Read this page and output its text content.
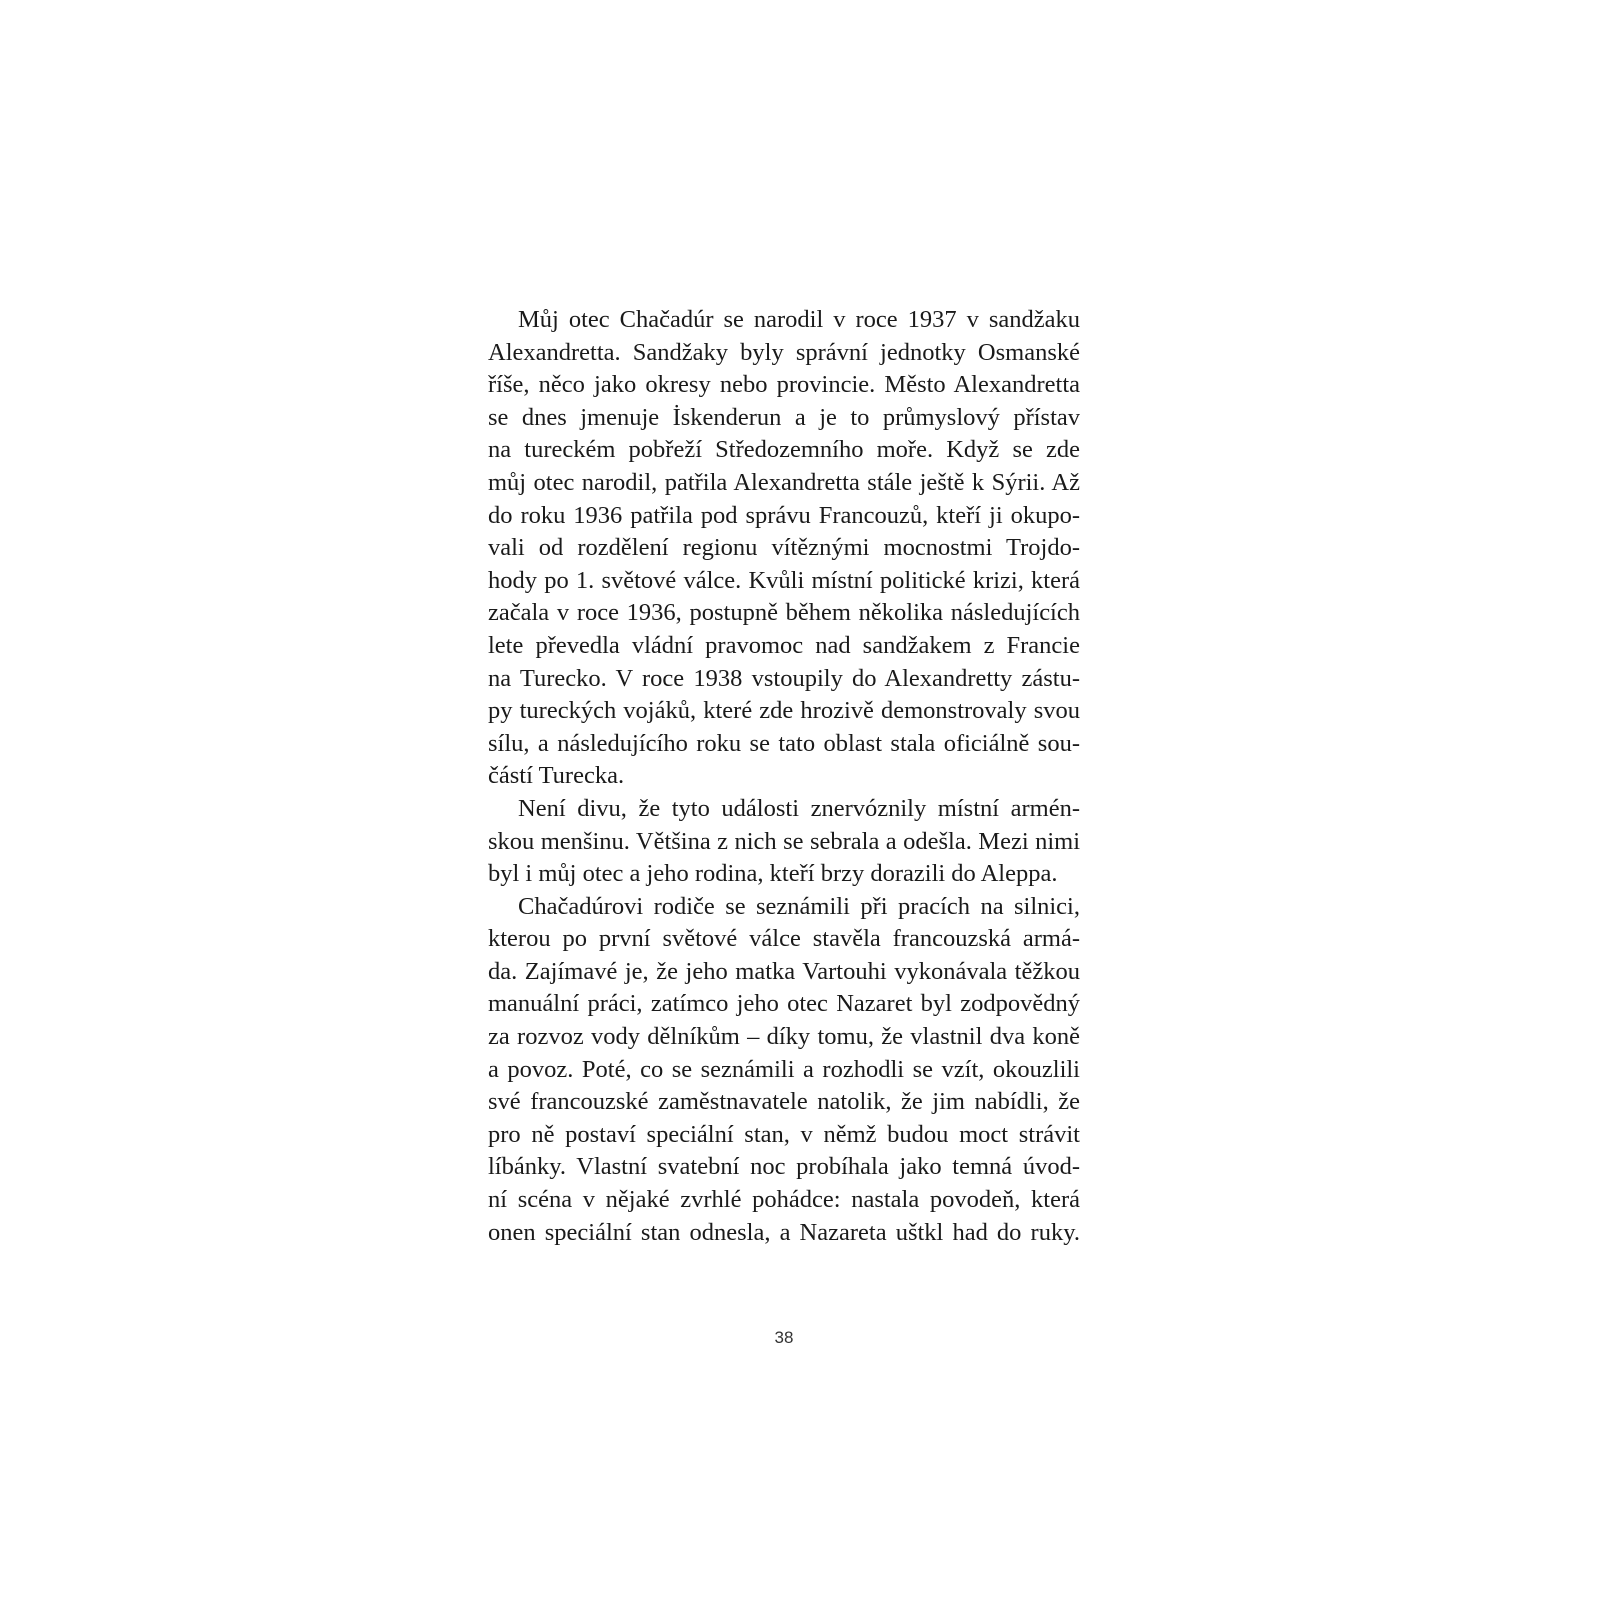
Můj otec Chačadúr se narodil v roce 1937 v sandžaku
Alexandretta. Sandžaky byly správní jednotky Osmanské
říše, něco jako okresy nebo provincie. Město Alexandretta
se dnes jmenuje İskenderun a je to průmyslový přístav
na tureckém pobřeží Středozemního moře. Když se zde
můj otec narodil, patřila Alexandretta stále ještě k Sýrii. Až
do roku 1936 patřila pod správu Francouzů, kteří ji okupo-
vali od rozdělení regionu vítěznými mocnostmi Trojdo-
hody po 1. světové válce. Kvůli místní politické krizi, která
začala v roce 1936, postupně během několika následujících
lete převedla vládní pravomoc nad sandžakem z Francie
na Turecko. V roce 1938 vstoupily do Alexandretty zástu-
py tureckých vojáků, které zde hrozivě demonstrovaly svou
sílu, a následujícího roku se tato oblast stala oficiálně sou-
částí Turecka.
Není divu, že tyto události znervóznily místní armén-
skou menšinu. Většina z nich se sebrala a odešla. Mezi nimi
byl i můj otec a jeho rodina, kteří brzy dorazili do Aleppa.
Chačadúrovi rodiče se seznámili při pracích na silnici,
kterou po první světové válce stavěla francouzská armá-
da. Zajímavé je, že jeho matka Vartouhi vykonávala těžkou
manuální práci, zatímco jeho otec Nazaret byl zodpovědný
za rozvoz vody dělníkům – díky tomu, že vlastnil dva koně
a povoz. Poté, co se seznámili a rozhodli se vzít, okouzlili
své francouzské zaměstnavatele natolik, že jim nabídli, že
pro ně postaví speciální stan, v němž budou moct strávit
líbánky. Vlastní svatební noc probíhala jako temná úvod-
ní scéna v nějaké zvrhlé pohádce: nastala povodeň, která
onen speciální stan odnesla, a Nazareta uštkl had do ruky.
38
